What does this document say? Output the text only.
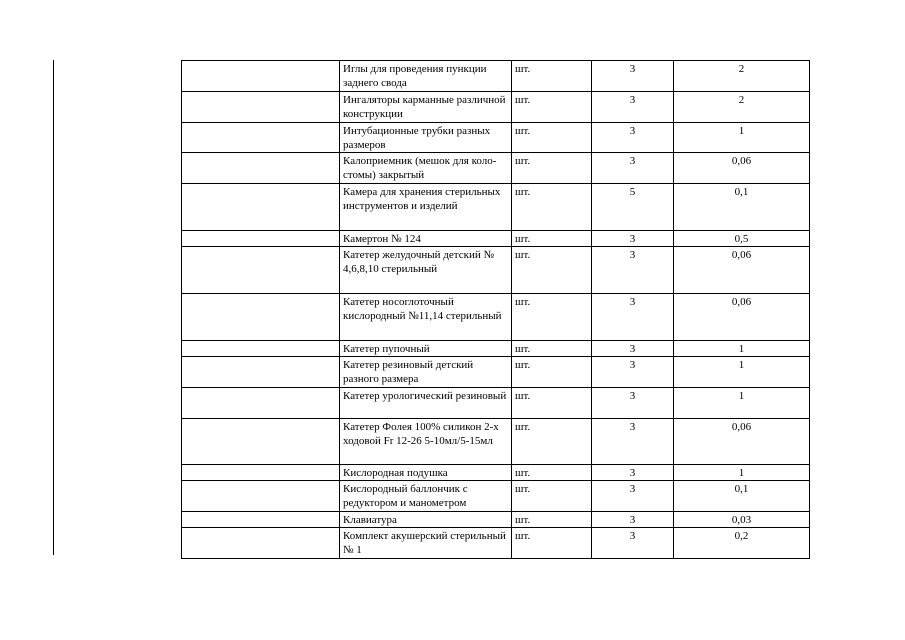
	Иглы для проведения пункции заднего свода	шт.	3	2
	Ингаляторы карманные различной конструкции	шт.	3	2
	Интубационные трубки разных размеров	шт.	3	1
	Калоприемник (мешок для коло-стомы) закрытый	шт.	3	0,06
	Камера для хранения стерильных инструментов и изделий	шт.	5	0,1
	Камертон № 124	шт.	3	0,5
	Катетер желудочный детский № 4,6,8,10 стерильный	шт.	3	0,06
	Катетер носоглоточный кислородный №11,14 стерильный	шт.	3	0,06
	Катетер пупочный	шт.	3	1
	Катетер резиновый детский разного размера	шт.	3	1
	Катетер урологический резиновый	шт.	3	1
	Катетер Фолея 100% силикон 2-х ходовой Fr 12-26 5-10мл/5-15мл	шт.	3	0,06
	Кислородная подушка	шт.	3	1
	Кислородный баллончик с редуктором и манометром	шт.	3	0,1
	Клавиатура	шт.	3	0,03
	Комплект акушерский стерильный № 1	шт.	3	0,2
